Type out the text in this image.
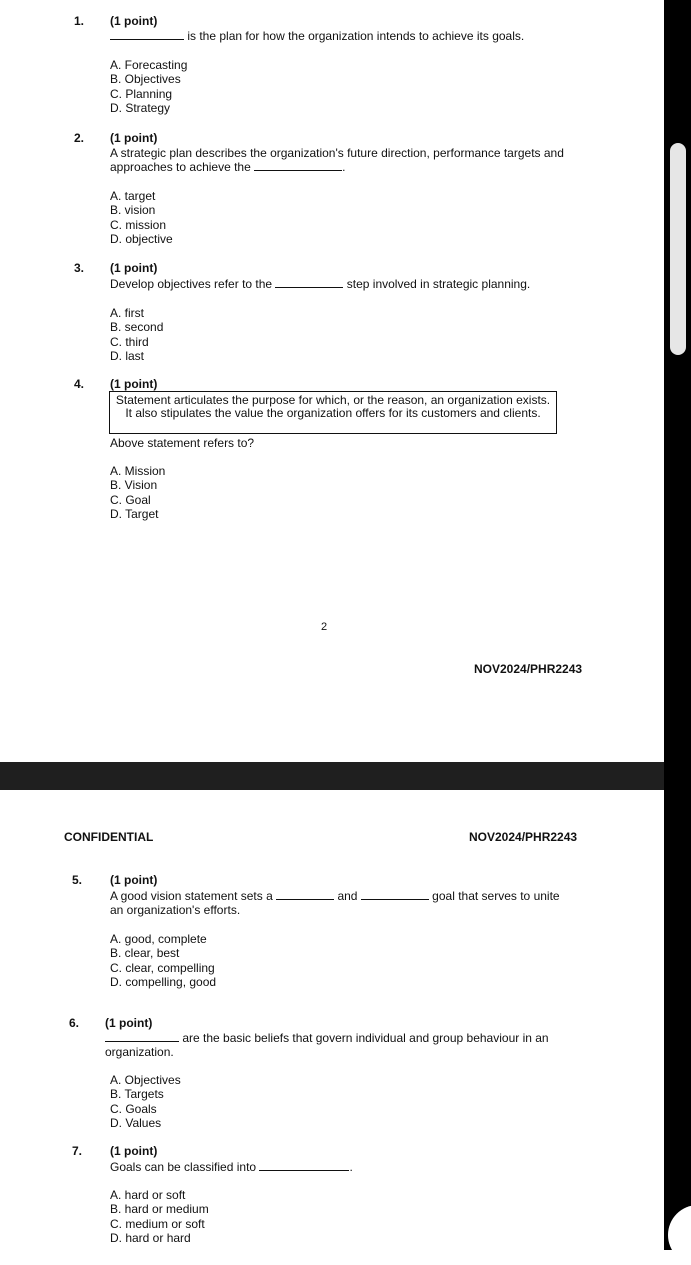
1. (1 point)
is the plan for how the organization intends to achieve its goals.
A. Forecasting
B. Objectives
C. Planning
D. Strategy
2. (1 point)
A strategic plan describes the organization's future direction, performance targets and
approaches to achieve the	.
A. target
B. vision
C. mission
D. objective
3. (1 point)
Develop objectives refer to the	step involved in strategic planning.
A. first
B. second
C. third
D. last
4. (1 point)
Statement articulates the purpose for which, or the reason, an organization exists. It also stipulates the value the organization offers for its customers and clients.
Above statement refers to?
A. Mission
B. Vision
C. Goal
D. Target
2
NOV2024/PHR2243
CONFIDENTIAL	NOV2024/PHR2243
5. (1 point)
A good vision statement sets a	and	goal that serves to unite
an organization's efforts.
A. good, complete
B. clear, best
C. clear, compelling
D. compelling, good
6. (1 point)
are the basic beliefs that govern individual and group behaviour in an
organization.
A. Objectives
B. Targets
C. Goals
D. Values
7. (1 point)
Goals can be classified into	.
A. hard or soft
B. hard or medium
C. medium or soft
D. hard or hard
